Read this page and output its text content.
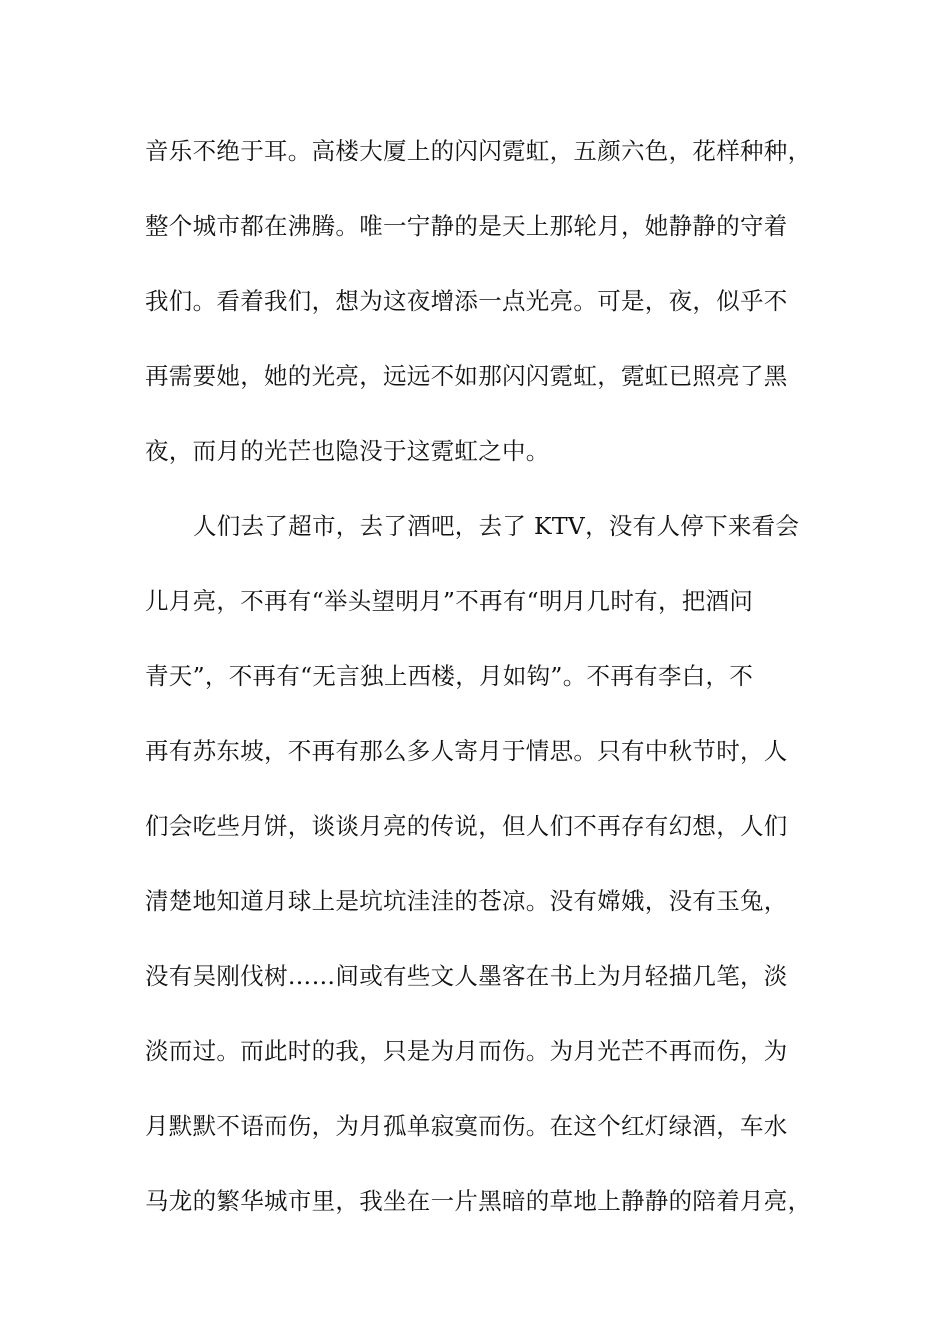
音乐不绝于耳。高楼大厦上的闪闪霓虹，五颜六色，花样种种，
整个城市都在沸腾。唯一宁静的是天上那轮月，她静静的守着
我们。看着我们，想为这夜增添一点光亮。可是，夜，似乎不
再需要她，她的光亮，远远不如那闪闪霓虹，霓虹已照亮了黑
夜，而月的光芒也隐没于这霓虹之中。
人们去了超市，去了酒吧，去了 KTV，没有人停下来看会
儿月亮，不再有“举头望明月”不再有“明月几时有，把酒问
青天”，不再有“无言独上西楼，月如钩”。不再有李白，不
再有苏东坡，不再有那么多人寄月于情思。只有中秋节时，人
们会吃些月饼，谈谈月亮的传说，但人们不再存有幻想，人们
清楚地知道月球上是坑坑洼洼的苍凉。没有嫦娥，没有玉兔，
没有吴刚伐树……间或有些文人墨客在书上为月轻描几笔，淡
淡而过。而此时的我，只是为月而伤。为月光芒不再而伤，为
月默默不语而伤，为月孤单寂寞而伤。在这个红灯绿酒，车水
马龙的繁华城市里，我坐在一片黑暗的草地上静静的陪着月亮，
